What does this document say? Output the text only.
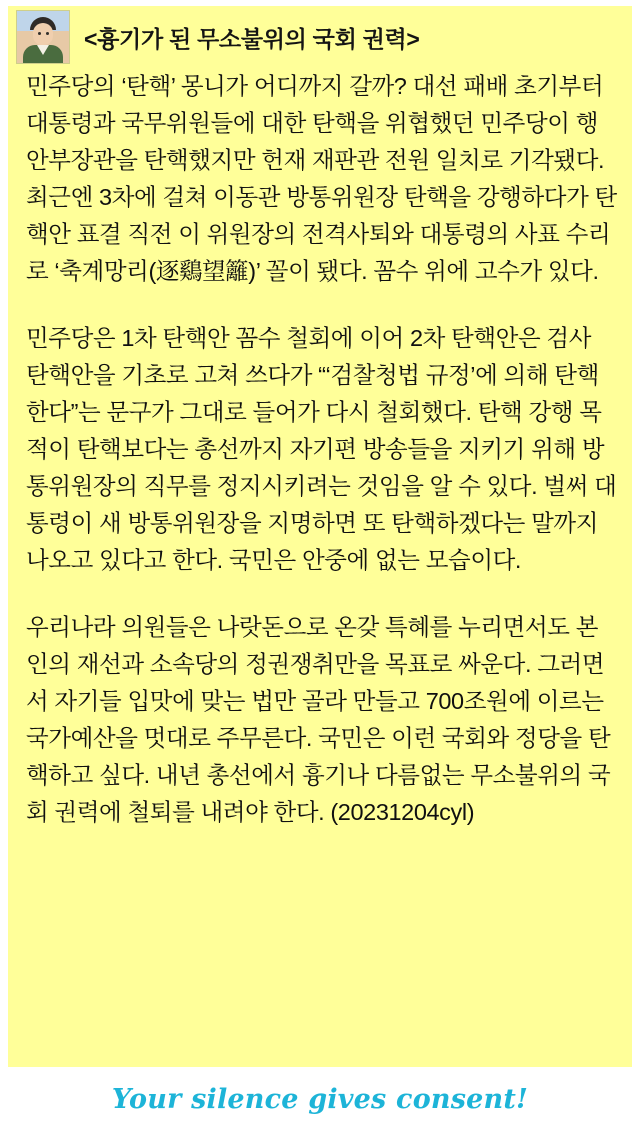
<흉기가 된 무소불위의 국회 권력>

민주당의 ‘탄핵’ 몽니가 어디까지 갈까? 대선 패배 초기부터 대통령과 국무위원들에 대한 탄핵을 위협했던 민주당이 행안부장관을 탄핵했지만 헌재 재판관 전원 일치로 기각됐다. 최근엔 3차에 걸쳐 이동관 방통위원장 탄핵을 강행하다가 탄핵안 표결 직전 이 위원장의 전격사퇴와 대통령의 사표 수리로 ‘축계망리(逐鷄望籬)’ 꼴이 됐다. 꼼수 위에 고수가 있다.

민주당은 1차 탄핵안 꼼수 철회에 이어 2차 탄핵안은 검사 탄핵안을 기초로 고쳐 쓰다가 “‘검찰청법 규정’에 의해 탄핵한다”는 문구가 그대로 들어가 다시 철회했다. 탄핵 강행 목적이 탄핵보다는 총선까지 자기편 방송들을 지키기 위해 방통위원장의 직무를 정지시키려는 것임을 알 수 있다. 벌써 대통령이 새 방통위원장을 지명하면 또 탄핵하겠다는 말까지 나오고 있다고 한다. 국민은 안중에 없는 모습이다.

우리나라 의원들은 나랏돈으로 온갖 특혜를 누리면서도 본인의 재선과 소속당의 정권쟁취만을 목표로 싸운다. 그러면서 자기들 입맛에 맞는 법만 골라 만들고 700조원에 이르는 국가예산을 멋대로 주무른다. 국민은 이런 국회와 정당을 탄핵하고 싶다. 내년 총선에서 흉기나 다름없는 무소불위의 국회 권력에 철퇴를 내려야 한다. (20231204cyl)

Your silence gives consent!
